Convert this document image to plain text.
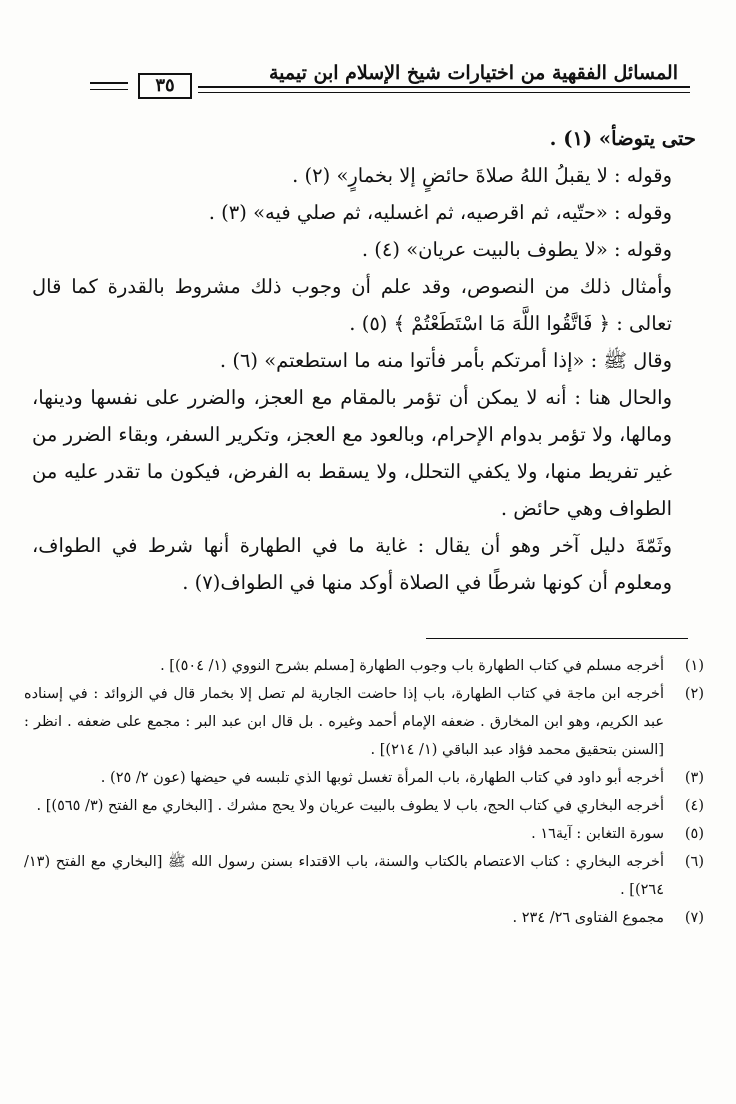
المسائل الفقهية من اختيارات شيخ الإسلام ابن تيمية
٣٥

حتى يتوضأ» (١) .

وقوله : لا يقبلُ اللهُ صلاةَ حائضٍ إلا بخمارٍ» (٢) .

وقوله : «حتّيه، ثم اقرصيه، ثم اغسليه، ثم صلي فيه» (٣) .

وقوله : «لا يطوف بالبيت عريان» (٤) .

وأمثال ذلك من النصوص، وقد علم أن وجوب ذلك مشروط بالقدرة كما قال تعالى : ﴿ فَاتَّقُوا اللَّهَ مَا اسْتَطَعْتُمْ ﴾ (٥) .

وقال ﷺ : «إذا أمرتكم بأمر فأتوا منه ما استطعتم» (٦) .

والحال هنا : أنه لا يمكن أن تؤمر بالمقام مع العجز، والضرر على نفسها ودينها، ومالها، ولا تؤمر بدوام الإحرام، وبالعود مع العجز، وتكرير السفر، وبقاء الضرر من غير تفريط منها، ولا يكفي التحلل، ولا يسقط به الفرض، فيكون ما تقدر عليه من الطواف وهي حائض .

وثَمّةَ دليل آخر وهو أن يقال : غاية ما في الطهارة أنها شرط في الطواف، ومعلوم أن كونها شرطًا في الصلاة أوكد منها في الطواف(٧) .

(١)
أخرجه مسلم في كتاب الطهارة باب وجوب الطهارة [مسلم بشرح النووي (١/ ٥٠٤)] .
(٢)
أخرجه ابن ماجة في كتاب الطهارة، باب إذا حاضت الجارية لم تصل إلا بخمار قال في الزوائد : في إسناده عبد الكريم، وهو ابن المخارق . ضعفه الإمام أحمد وغيره . بل قال ابن عبد البر : مجمع على ضعفه . انظر : [السنن بتحقيق محمد فؤاد عبد الباقي (١/ ٢١٤)] .
(٣)
أخرجه أبو داود في كتاب الطهارة، باب المرأة تغسل ثوبها الذي تلبسه في حيضها (عون ٢/ ٢٥) .
(٤)
أخرجه البخاري في كتاب الحج، باب لا يطوف بالبيت عريان ولا يحج مشرك . [البخاري مع الفتح (٣/ ٥٦٥)] .
(٥)
سورة التغابن : آية١٦ .
(٦)
أخرجه البخاري : كتاب الاعتصام بالكتاب والسنة، باب الاقتداء بسنن رسول الله ﷺ [البخاري مع الفتح (١٣/ ٢٦٤)] .
(٧)
مجموع الفتاوى ٢٦/ ٢٣٤ .
